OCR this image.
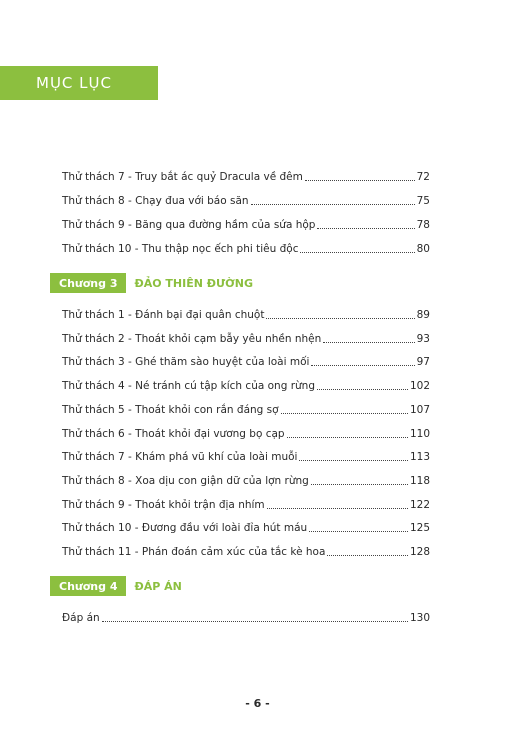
MỤC LỤC
Thử thách 7 - Truy bắt ác quỷ Dracula về đêm	72
Thử thách 8 - Chạy đua với báo săn	75
Thử thách 9 - Băng qua đường hầm của sứa hộp	78
Thử thách 10 - Thu thập nọc ếch phi tiêu độc	80
Chương 3	ĐẢO THIÊN ĐƯỜNG
Thử thách 1 - Đánh bại đại quân chuột	89
Thử thách 2 - Thoát khỏi cạm bẫy yêu nhền nhện	93
Thử thách 3 - Ghé thăm sào huyệt của loài mối	97
Thử thách 4 - Né tránh cú tập kích của ong rừng	102
Thử thách 5 - Thoát khỏi con rắn đáng sợ	107
Thử thách 6 - Thoát khỏi đại vương bọ cạp	110
Thử thách 7 - Khám phá vũ khí của loài muỗi	113
Thử thách 8 - Xoa dịu con giận dữ của lợn rừng	118
Thử thách 9 - Thoát khỏi trận địa nhím	122
Thử thách 10 - Đương đầu với loài đỉa hút máu	125
Thử thách 11 - Phán đoán cảm xúc của tắc kè hoa	128
Chương 4	ĐÁP ÁN
Đáp án	130
- 6 -
